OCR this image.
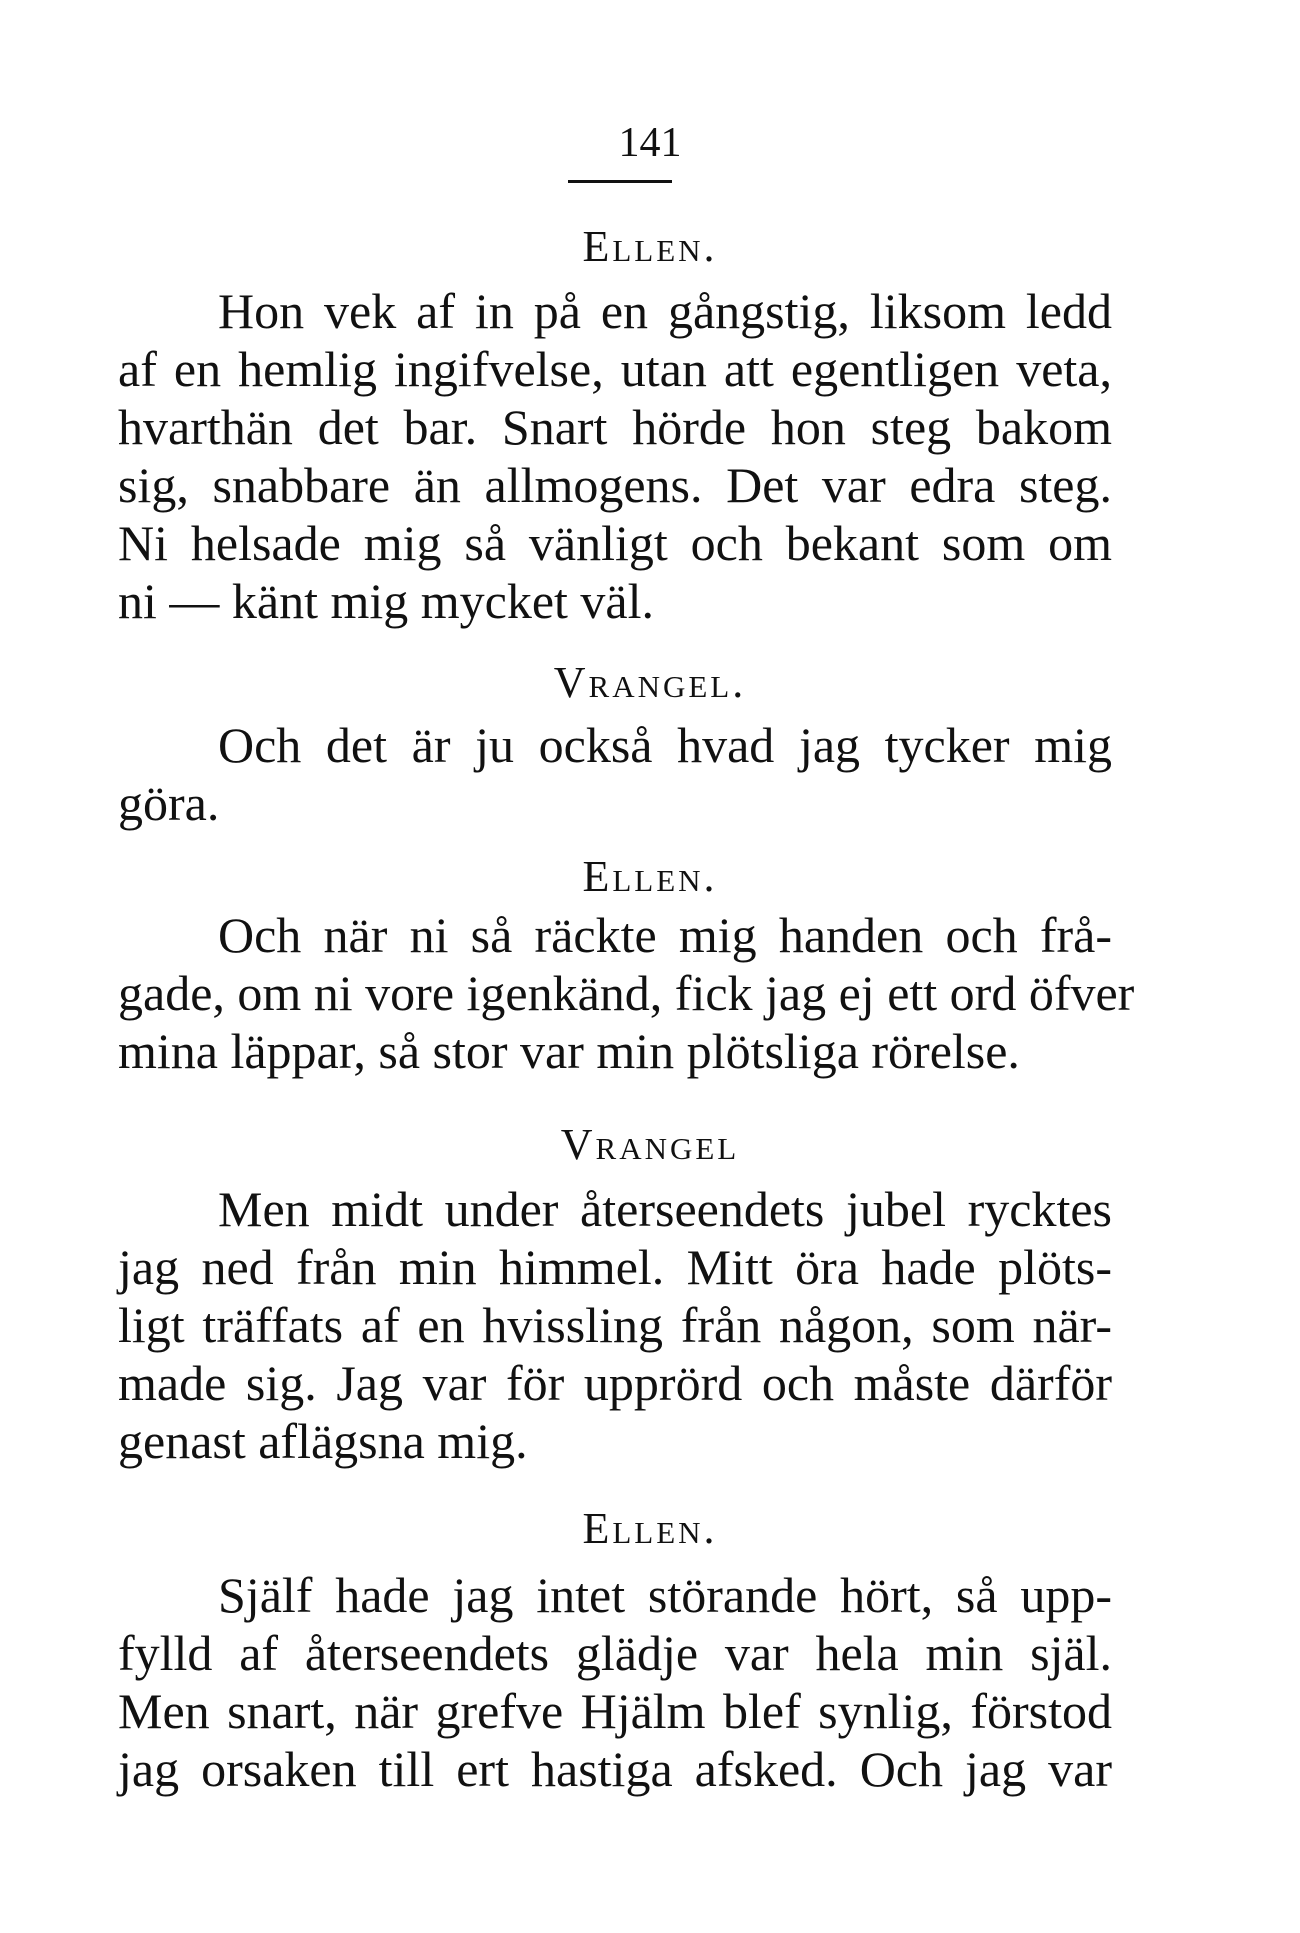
141
Ellen.
Hon vek af in på en gångstig, liksom ledd
af en hemlig ingifvelse, utan att egentligen veta,
hvarthän det bar. Snart hörde hon steg bakom
sig, snabbare än allmogens. Det var edra steg.
Ni helsade mig så vänligt och bekant som om
ni — känt mig mycket väl.
Vrangel.
Och det är ju också hvad jag tycker mig
göra.
Ellen.
Och när ni så räckte mig handen och frå-
gade, om ni vore igenkänd, fick jag ej ett ord öfver
mina läppar, så stor var min plötsliga rörelse.
Vrangel
Men midt under återseendets jubel rycktes
jag ned från min himmel. Mitt öra hade plöts-
ligt träffats af en hvissling från någon, som när-
made sig. Jag var för upprörd och måste därför
genast aflägsna mig.
Ellen.
Själf hade jag intet störande hört, så upp-
fylld af återseendets glädje var hela min själ.
Men snart, när grefve Hjälm blef synlig, förstod
jag orsaken till ert hastiga afsked. Och jag var
